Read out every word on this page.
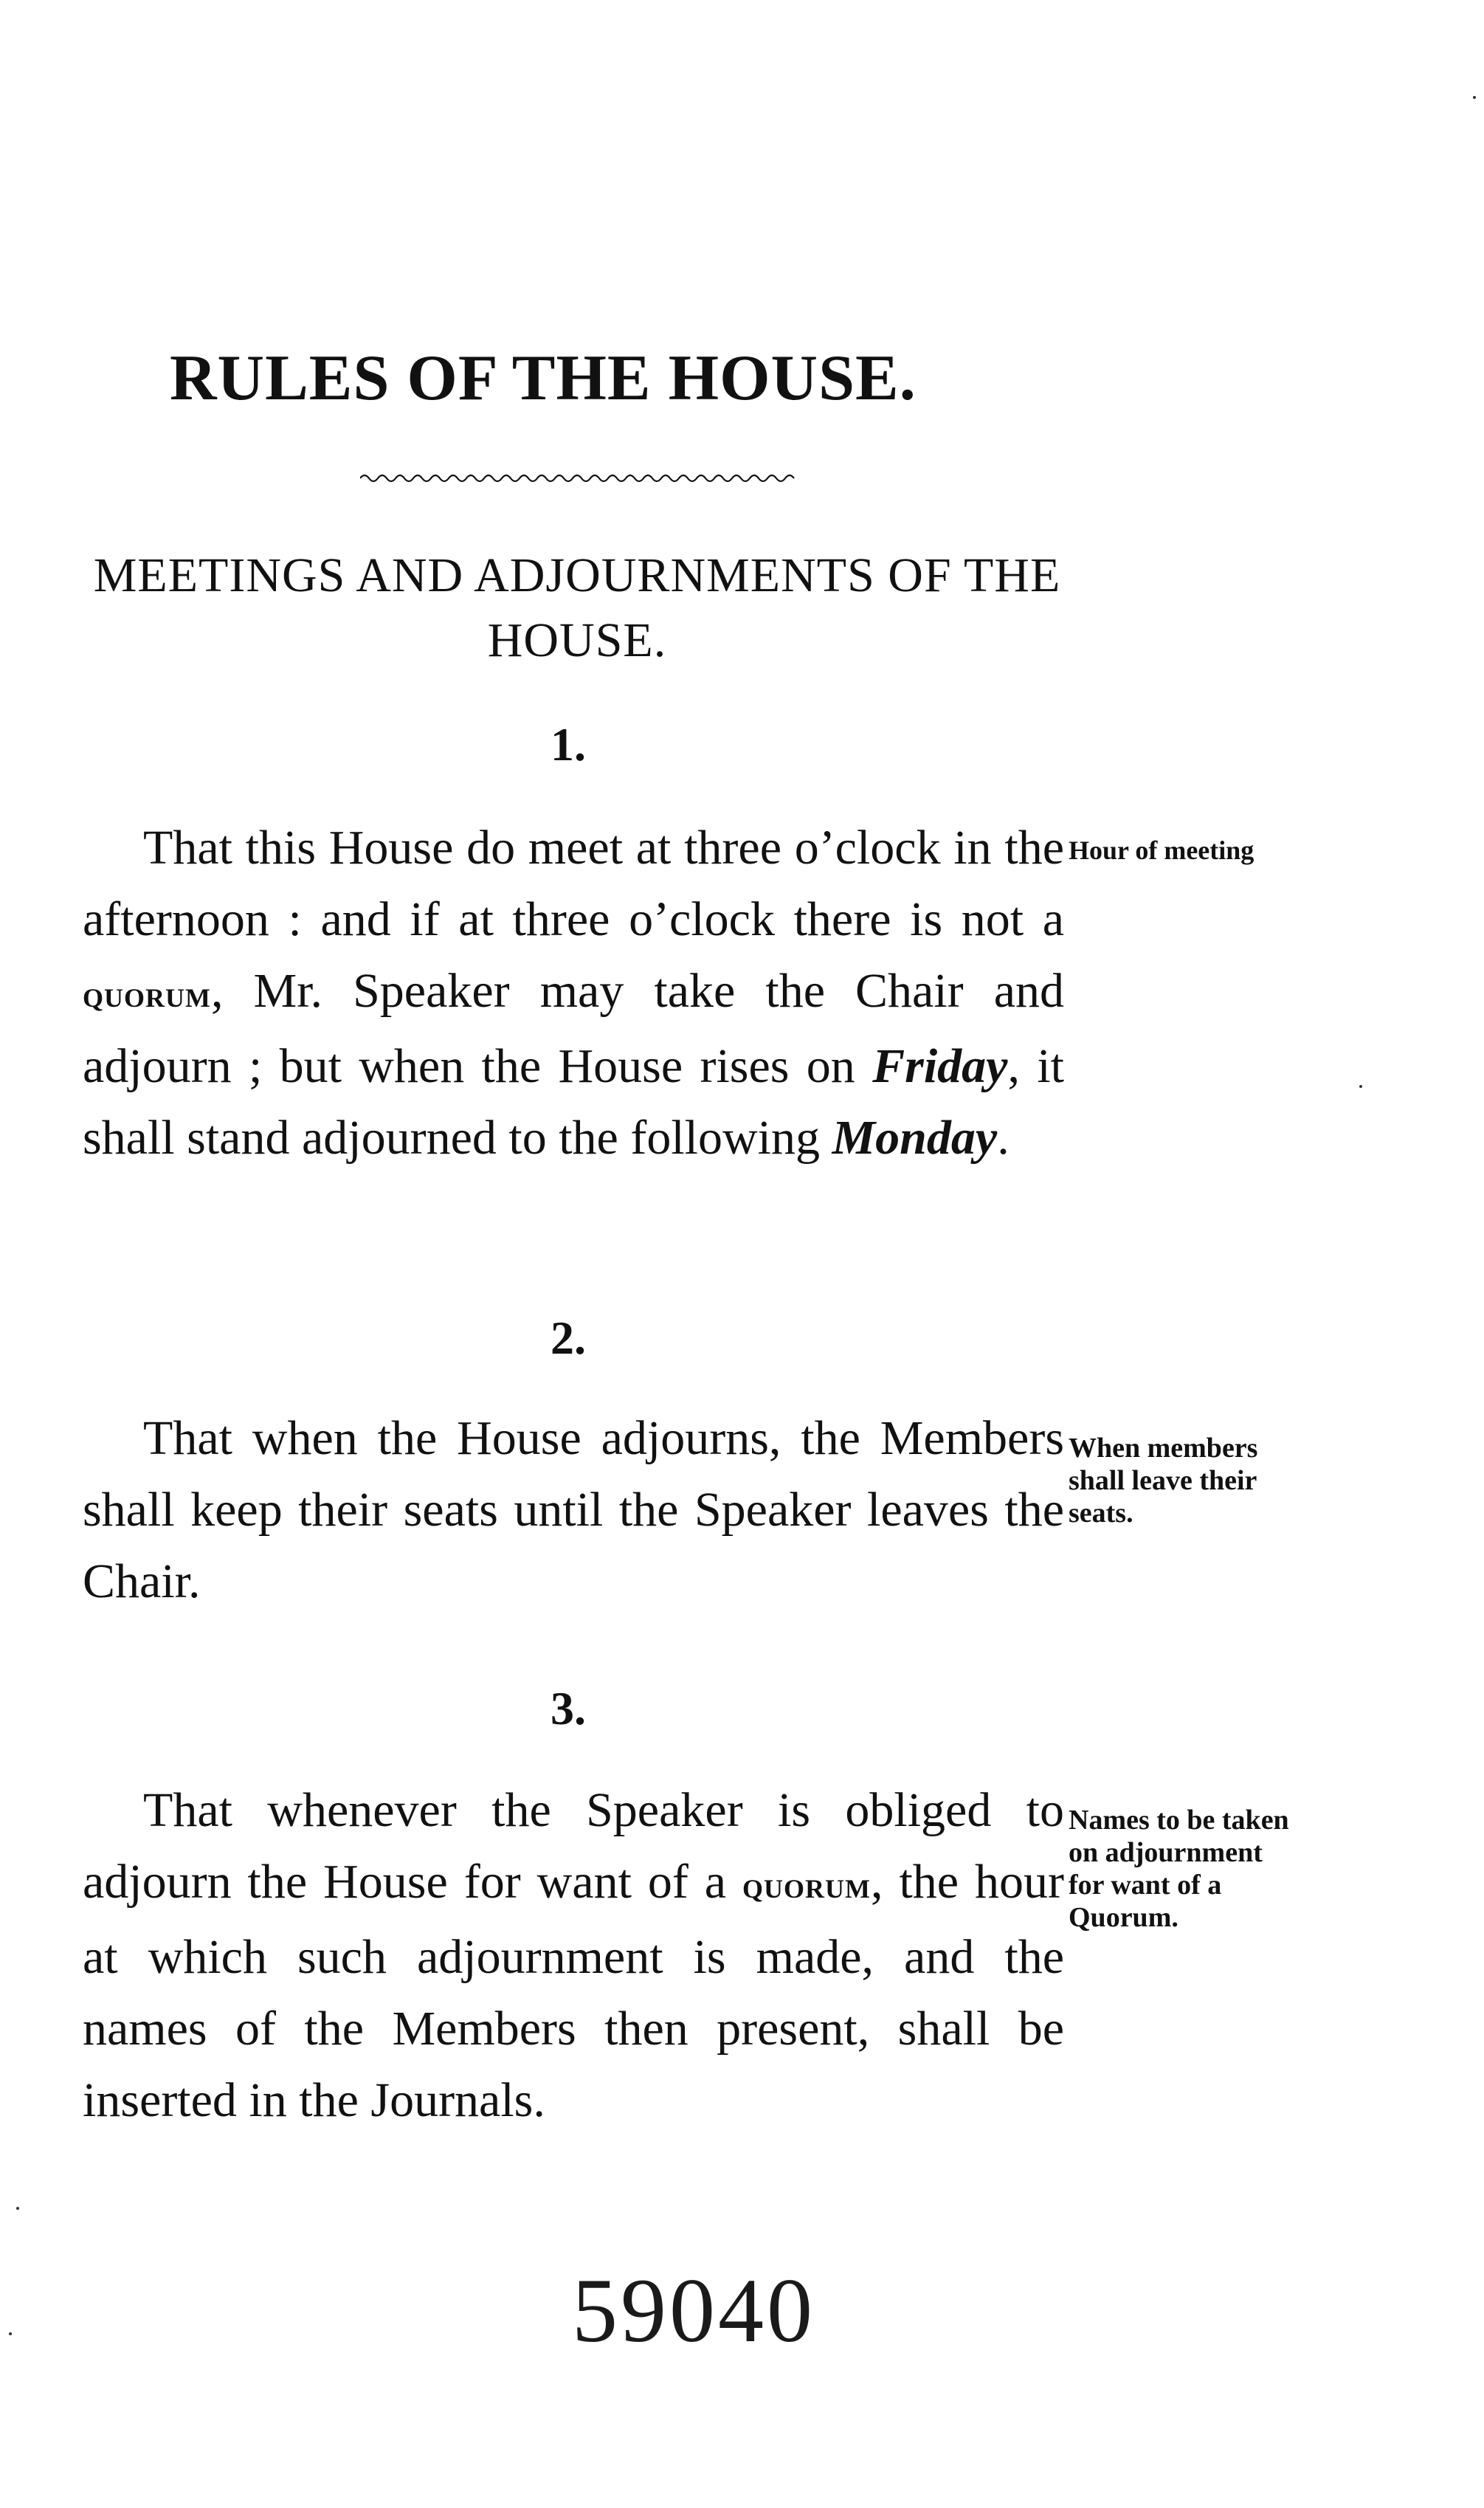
RULES OF THE HOUSE.
MEETINGS AND ADJOURNMENTS OF THE HOUSE.
1.
That this House do meet at three o’clock in the afternoon : and if at three o’clock there is not a quorum, Mr. Speaker may take the Chair and adjourn ; but when the House rises on Friday, it shall stand adjourned to the following Monday.
Hour of meeting
2.
That when the House adjourns, the Members shall keep their seats until the Speaker leaves the Chair.
When members shall leave their seats.
3.
That whenever the Speaker is obliged to adjourn the House for want of a quorum, the hour at which such adjournment is made, and the names of the Members then present, shall be inserted in the Journals.
Names to be taken on adjournment for want of a Quorum.
59040
